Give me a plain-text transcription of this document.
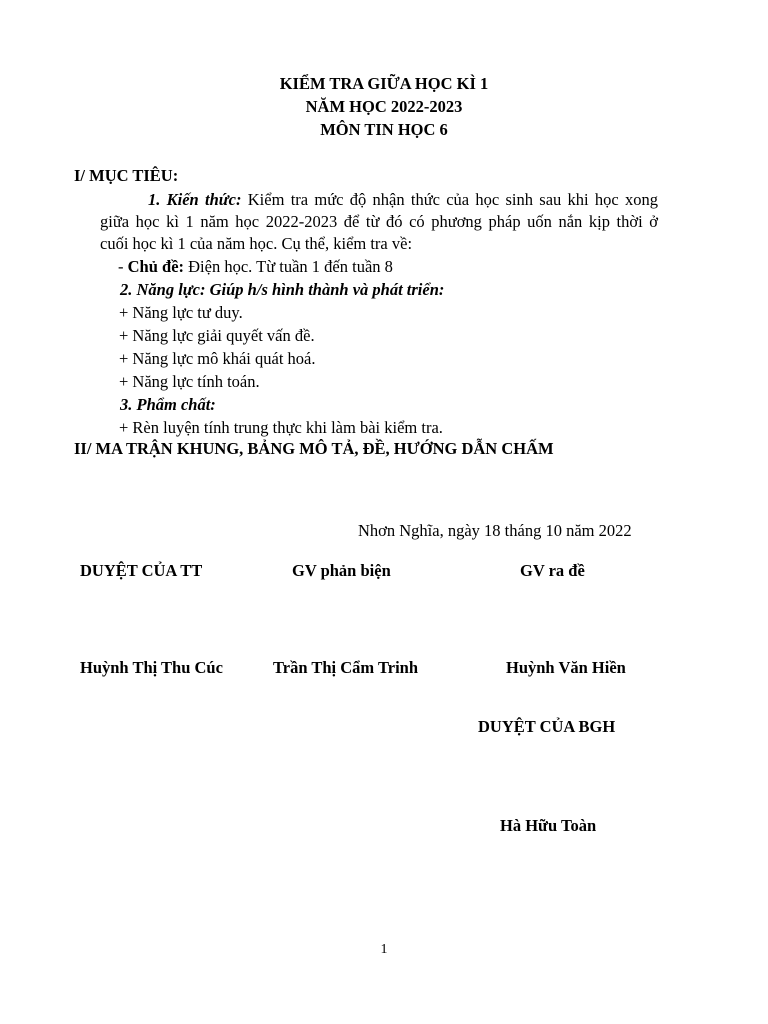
KIỂM TRA GIỮA HỌC KÌ 1
NĂM HỌC 2022-2023
MÔN TIN HỌC 6
I/ MỤC TIÊU:
1. Kiến thức: Kiểm tra mức độ nhận thức của học sinh sau khi học xong
giữa học kì 1 năm học 2022-2023 để từ đó có phương pháp uốn nắn kịp thời ở
cuối học kì 1 của năm học. Cụ thể, kiểm tra về:
- Chủ đề: Điện học. Từ tuần 1 đến tuần 8
2. Năng lực: Giúp h/s hình thành và phát triển:
+ Năng lực tư duy.
+ Năng lực giải quyết vấn đề.
+ Năng lực mô khái quát hoá.
+ Năng lực tính toán.
3. Phẩm chất:
+ Rèn luyện tính trung thực khi làm bài kiểm tra.
II/ MA TRẬN KHUNG, BẢNG MÔ TẢ, ĐỀ, HƯỚNG DẪN CHẤM
Nhơn Nghĩa, ngày 18 tháng 10 năm 2022
DUYỆT CỦA TT	GV phản biện	GV ra đề
Huỳnh Thị Thu Cúc	Trần Thị Cẩm Trinh	Huỳnh Văn Hiền
DUYỆT CỦA BGH
Hà Hữu Toàn
1
